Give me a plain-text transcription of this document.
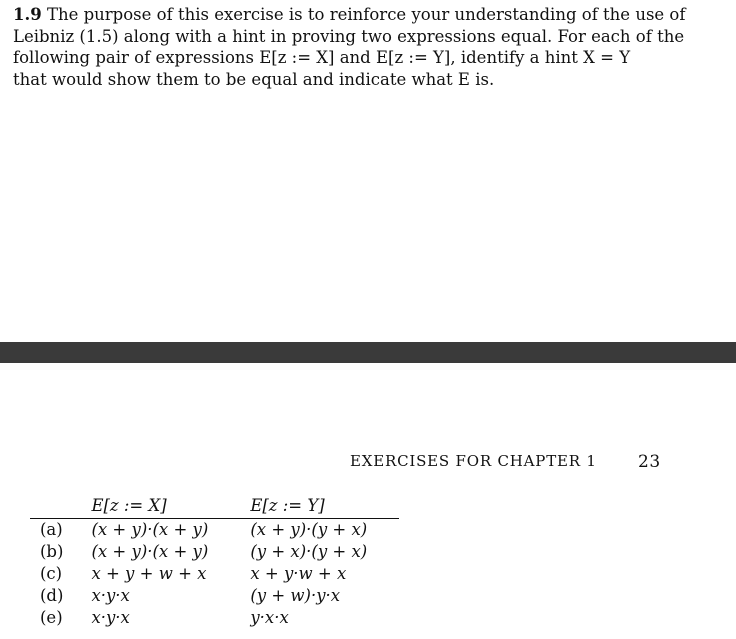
1.9 The purpose of this exercise is to reinforce your understanding of the use of
Leibniz (1.5) along with a hint in proving two expressions equal. For each of the
following pair of expressions E[z := X] and E[z := Y], identify a hint X = Y
that would show them to be equal and indicate what E is.
EXERCISES FOR CHAPTER 1 23
	E[z := X]	E[z := Y]
(a)	(x + y)·(x + y)	(x + y)·(y + x)
(b)	(x + y)·(x + y)	(y + x)·(y + x)
(c)	x + y + w + x	x + y·w + x
(d)	x·y·x	(y + w)·y·x
(e)	x·y·x	y·x·x
